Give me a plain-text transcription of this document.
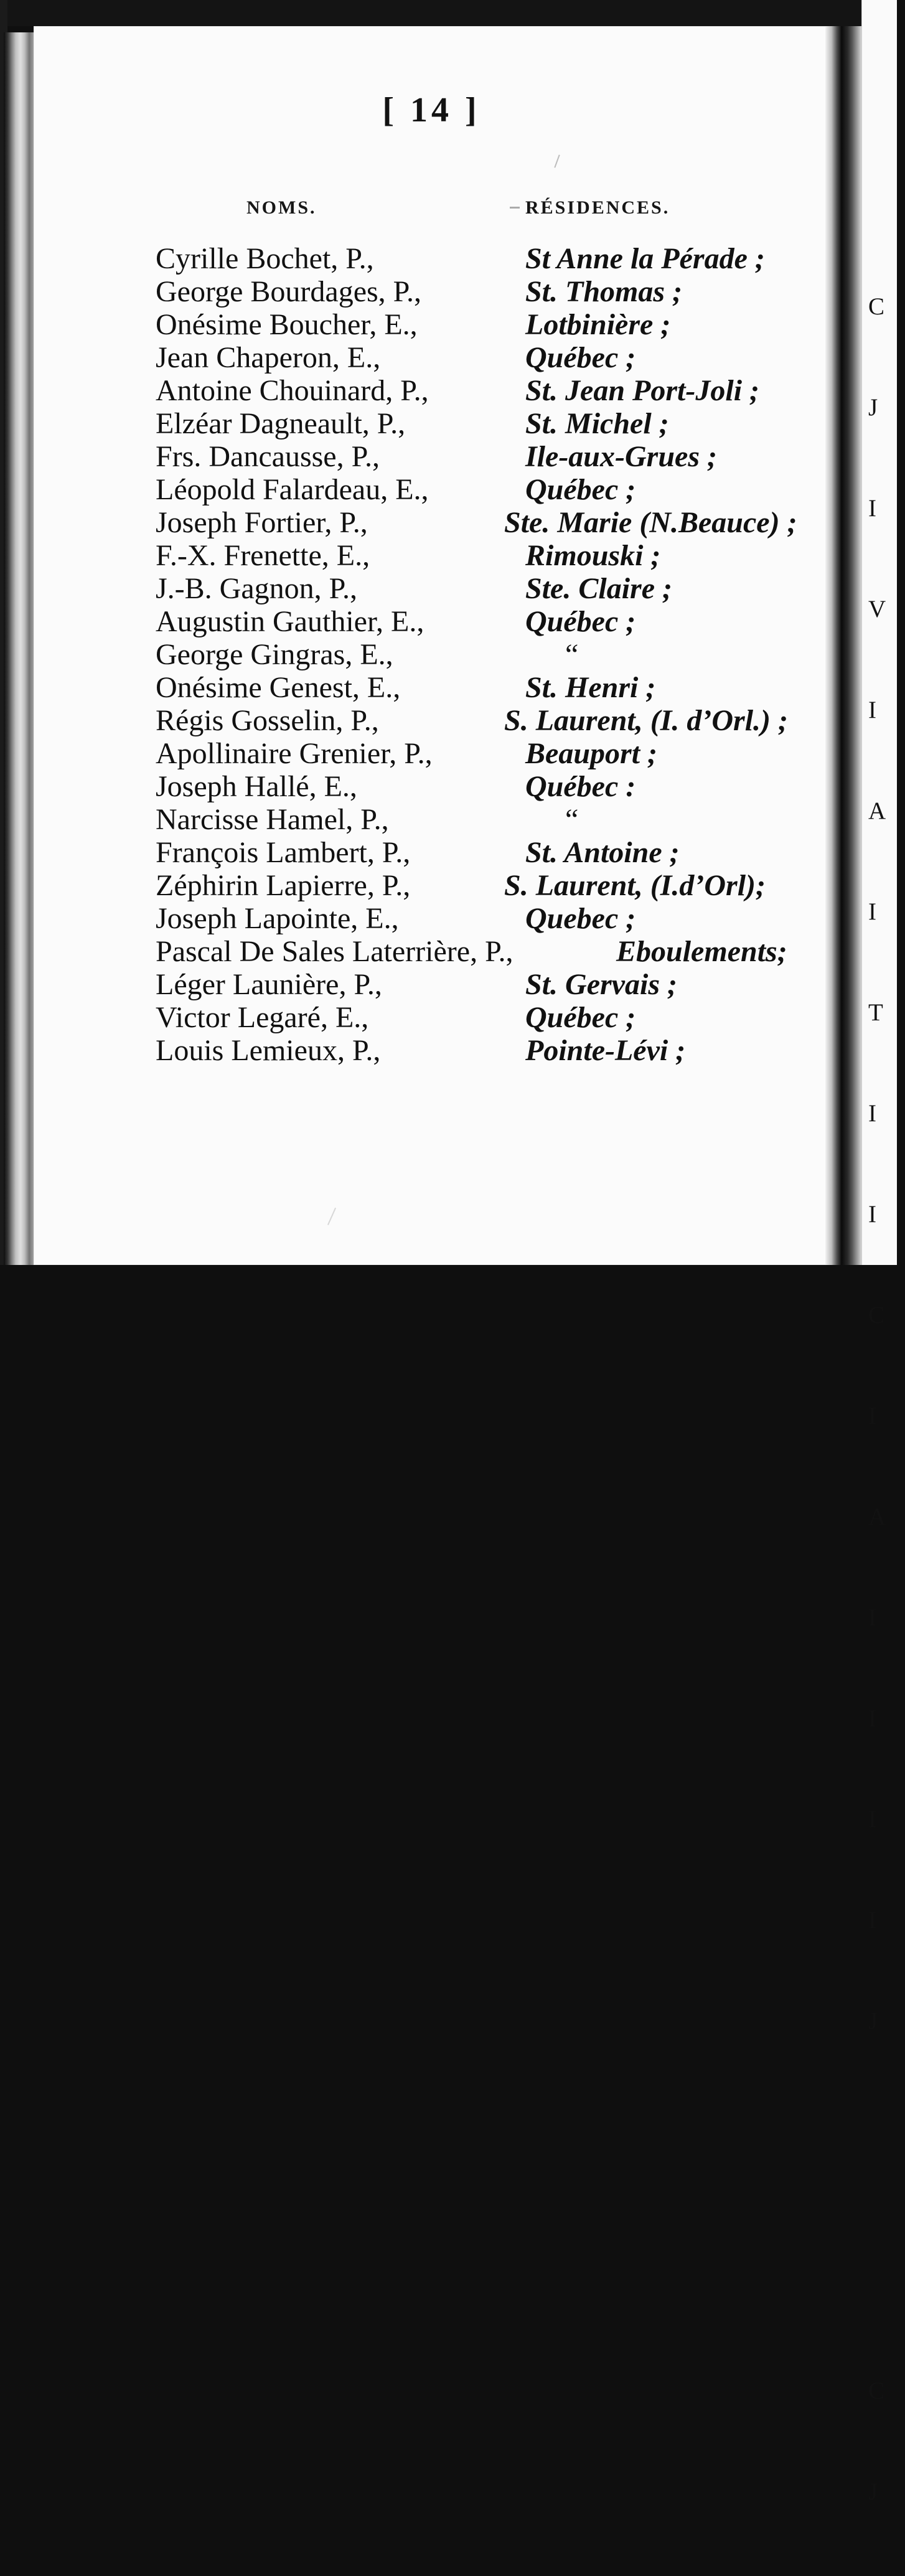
[ 14 ]
NOMS.	RÉSIDENCES.
Cyrille Bochet, P.,	St Anne la Pérade ;
George Bourdages, P.,	St. Thomas ;
Onésime Boucher, E.,	Lotbinière ;
Jean Chaperon, E.,	Québec ;
Antoine Chouinard, P.,	St. Jean Port-Joli ;
Elzéar Dagneault, P.,	St. Michel ;
Frs. Dancausse, P.,	Ile-aux-Grues ;
Léopold Falardeau, E.,	Québec ;
Joseph Fortier, P.,	Ste. Marie (N.Beauce) ;
F.-X. Frenette, E.,	Rimouski ;
J.-B. Gagnon, P.,	Ste. Claire ;
Augustin Gauthier, E.,	Québec ;
George Gingras, E.,	“
Onésime Genest, E.,	St. Henri ;
Régis Gosselin, P.,	S. Laurent, (I. d’Orl.) ;
Apollinaire Grenier, P.,	Beauport ;
Joseph Hallé, E.,	Québec :
Narcisse Hamel, P.,	“
François Lambert, P.,	St. Antoine ;
Zéphirin Lapierre, P.,	S. Laurent, (I.d’Orl);
Joseph Lapointe, E.,	Quebec ;
Pascal De Sales Laterrière, P.,	Eboulements;
Léger Launière, P.,	St. Gervais ;
Victor Legaré, E.,	Québec ;
Louis Lemieux, P.,	Pointe-Lévi ;

C

J

I

V

I

A

I

T

I

I

C

I

A

I

I

I

I

J

C

J
